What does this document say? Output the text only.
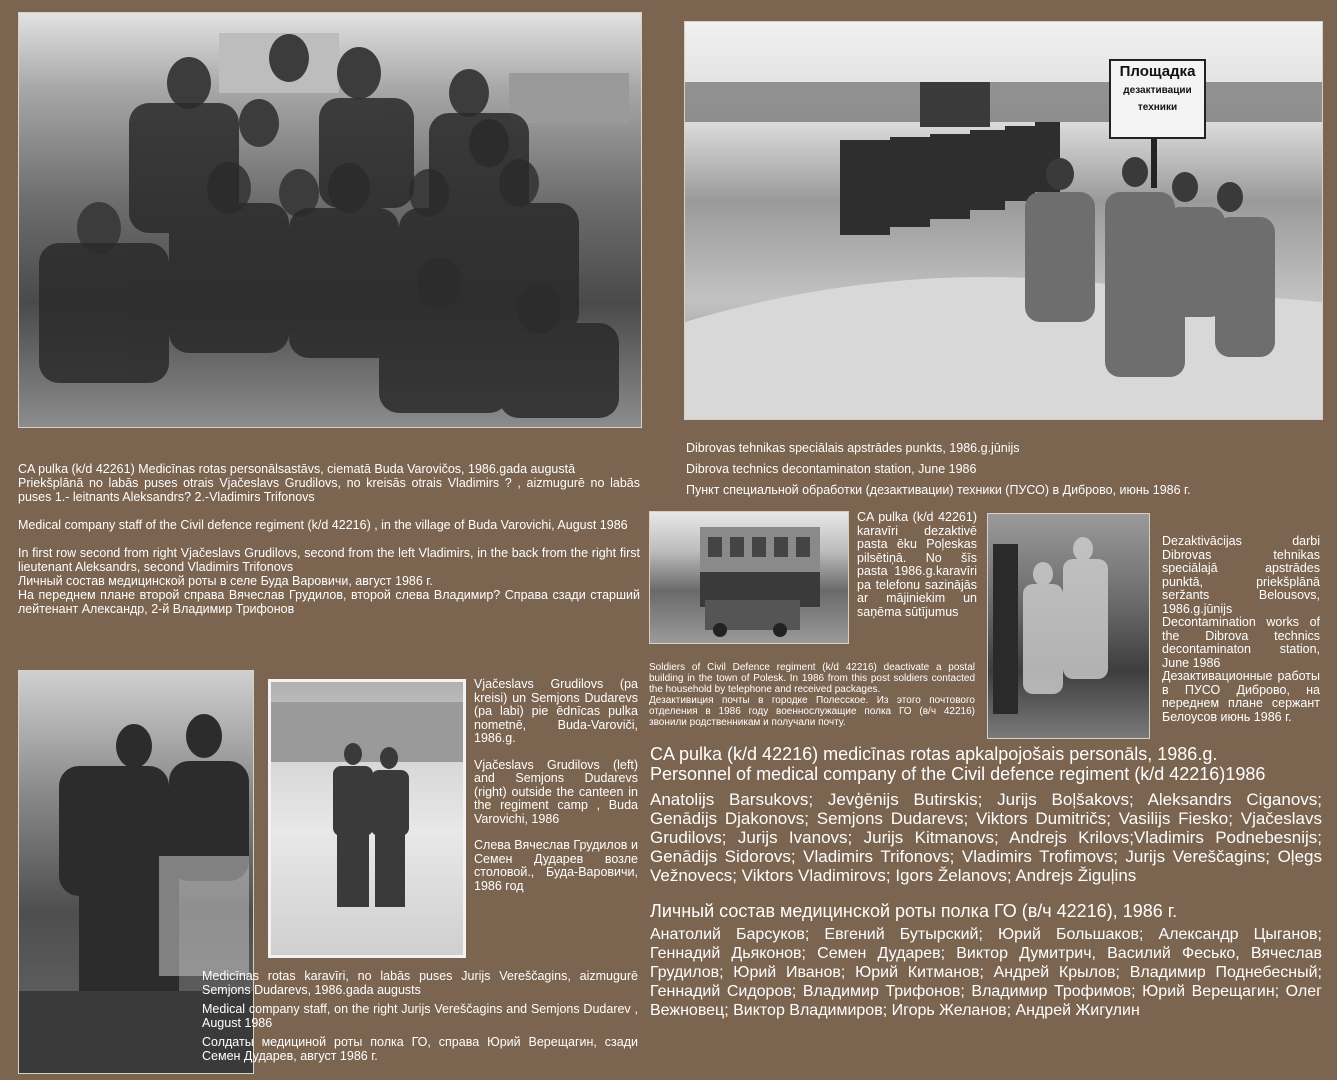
Площадка
дезактивации
техники

CA pulka (k/d 42261) Medicīnas rotas personālsastāvs, ciematā Buda Varovičos, 1986.gada augustā

Priekšplānā no labās puses otrais Vjačeslavs Grudilovs, no kreisās otrais Vladimirs ? , aizmugurē no labās puses 1.- leitnants Aleksandrs? 2.-Vladimirs Trifonovs

Medical company staff of the Civil defence regiment (k/d 42216) , in the village of Buda Varovichi, August 1986

In first row second from right Vjačeslavs Grudilovs, second from the left Vladimirs, in the back from the right first lieutenant Aleksandrs, second Vladimirs Trifonovs

Личный состав медицинской роты в селе Буда Варовичи, август 1986 г.

На переднем плане второй справа Вячеслав Грудилов, второй слева Владимир? Справа сзади старший лейтенант Александр, 2-й Владимир Трифонов

Dibrovas tehnikas speciālais apstrādes punkts, 1986.g.jūnijs

Dibrova technics decontaminaton station, June 1986

Пункт специальной обработки (дезактивации) техники (ПУСО) в Диброво, июнь 1986 г.

CA pulka (k/d 42261) karavīri dezaktivē pasta ēku Poļeskas pilsētiņā. No šīs pasta 1986.g.karavīri pa telefonu sazinājās ar mājiniekim un saņēma sūtījumus

Soldiers of Civil Defence regiment (k/d 42216) deactivate a postal building in the town of Polesk. In 1986 from this post soldiers contacted the household by telephone and received packages.

Дезактивиция почты в городке Полесское. Из этого почтового отделения в 1986 году военнослужащие полка ГО (в/ч 42216) звонили родственникам и получали почту.

Dezaktivācijas darbi Dibrovas tehnikas speciālajā apstrādes punktā, priekšplānā seržants Belousovs, 1986.g.jūnijs

Decontamination works of the Dibrova technics decontaminaton station, June 1986

Дезактивационные работы в ПУСО Диброво, на переднем плане сержант Белоусов июнь 1986 г.

Vjačeslavs Grudilovs (pa kreisi) un Semjons Dudarevs (pa labi) pie ēdnīcas pulka nometnē, Buda-Varoviči, 1986.g.

Vjačeslavs Grudilovs (left) and Semjons Dudarevs (right) outside the canteen in the regiment camp , Buda Varovichi, 1986

Слева Вячеслав Грудилов и Семен Дударев возле столовой., Буда-Варовичи, 1986 год

Medicīnas rotas karavīri, no labās puses Jurijs Vereščagins, aizmugurē Semjons Dudarevs, 1986.gada augusts

Medical company staff, on the right Jurijs Vereščagins and Semjons Dudarev , August 1986

Солдаты медицинoй роты полка ГО, справа Юрий Верещагин, сзади Семен Дударев, август 1986 г.

CA pulka (k/d 42216) medicīnas rotas apkalpojošais personāls, 1986.g.

Personnel of medical company of the Civil defence regiment (k/d 42216)1986

Anatolijs Barsukovs; Jevģēnijs Butirskis; Jurijs Boļšakovs; Aleksandrs Ciganovs; Genādijs Djakonovs; Semjons Dudarevs; Viktors Dumitričs; Vasilijs Fiesko; Vjačeslavs Grudilovs; Jurijs Ivanovs; Jurijs Kitmanovs; Andrejs Krilovs;Vladimirs Podnebesnijs; Genādijs Sidorovs; Vladimirs Trifonovs; Vladimirs Trofimovs; Jurijs Vereščagins; Oļegs Vežnovecs; Viktors Vladimirovs; Igors Želanovs; Andrejs Žiguļins

Личный состав медицинской роты полка ГО (в/ч 42216), 1986 г.

Анатолий Барсуков; Евгений Бутырский; Юрий Большаков; Александр Цыганов; Геннадий Дьяконов; Семен Дударев; Виктор Думитрич, Василий Феськo, Вячеслав Грудилов; Юрий Иванов; Юрий Китманов; Андрей Крылов; Владимир Поднебесный; Геннадий Сидоров; Владимир Трифонов; Владимир Трофимов; Юрий Верещагин; Олег Вежновец; Виктор Владимиров; Игорь Желанов; Андрей Жигулин
